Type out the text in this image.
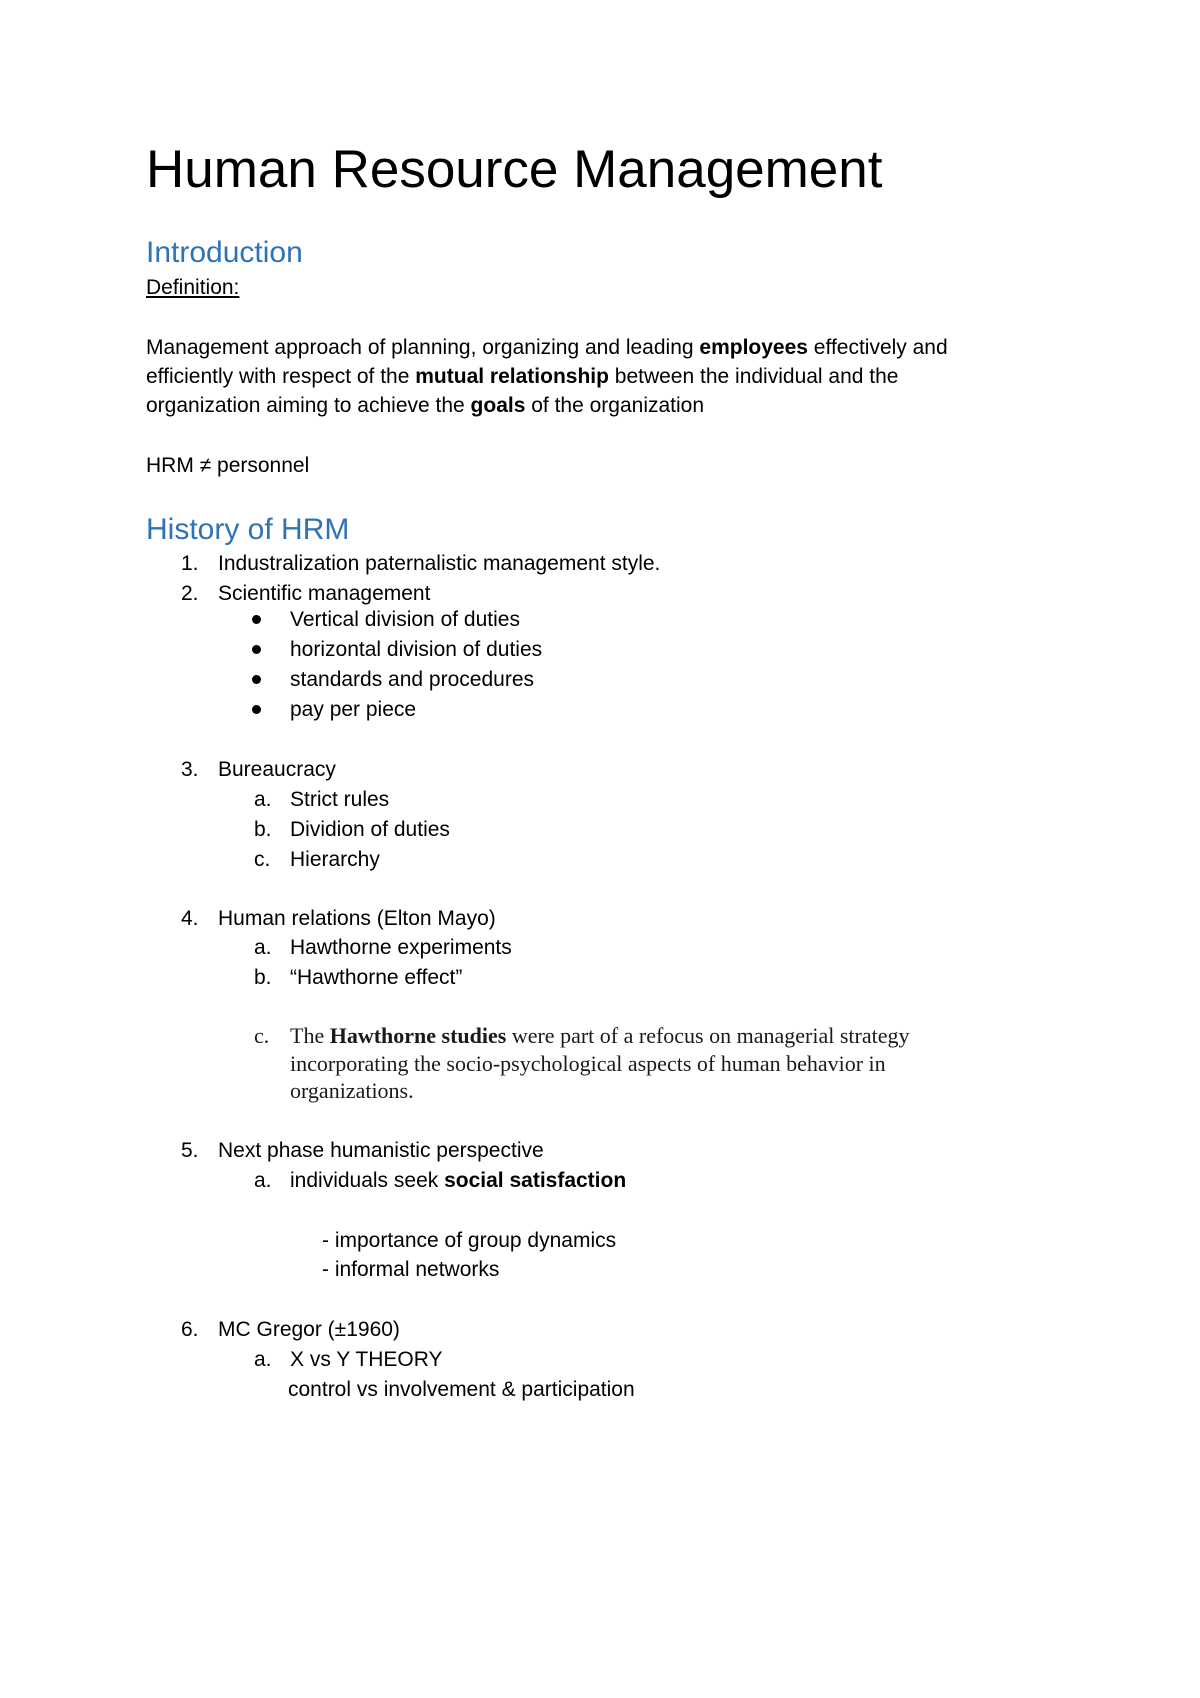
Human Resource Management
Introduction
Definition:
Management approach of planning, organizing and leading employees effectively and
efficiently with respect of the mutual relationship between the individual and the
organization aiming to achieve the goals of the organization
HRM ≠ personnel
History of HRM
1. Industralization paternalistic management style.
2. Scientific management
Vertical division of duties
horizontal division of duties
standards and procedures
pay per piece
3. Bureaucracy
a. Strict rules
b. Dividion of duties
c. Hierarchy
4. Human relations (Elton Mayo)
a. Hawthorne experiments
b. “Hawthorne effect”
c. The Hawthorne studies were part of a refocus on managerial strategy
incorporating the socio-psychological aspects of human behavior in
organizations.
5. Next phase humanistic perspective
a. individuals seek social satisfaction
- importance of group dynamics
- informal networks
6. MC Gregor (±1960)
a. X vs Y THEORY
control vs involvement & participation
